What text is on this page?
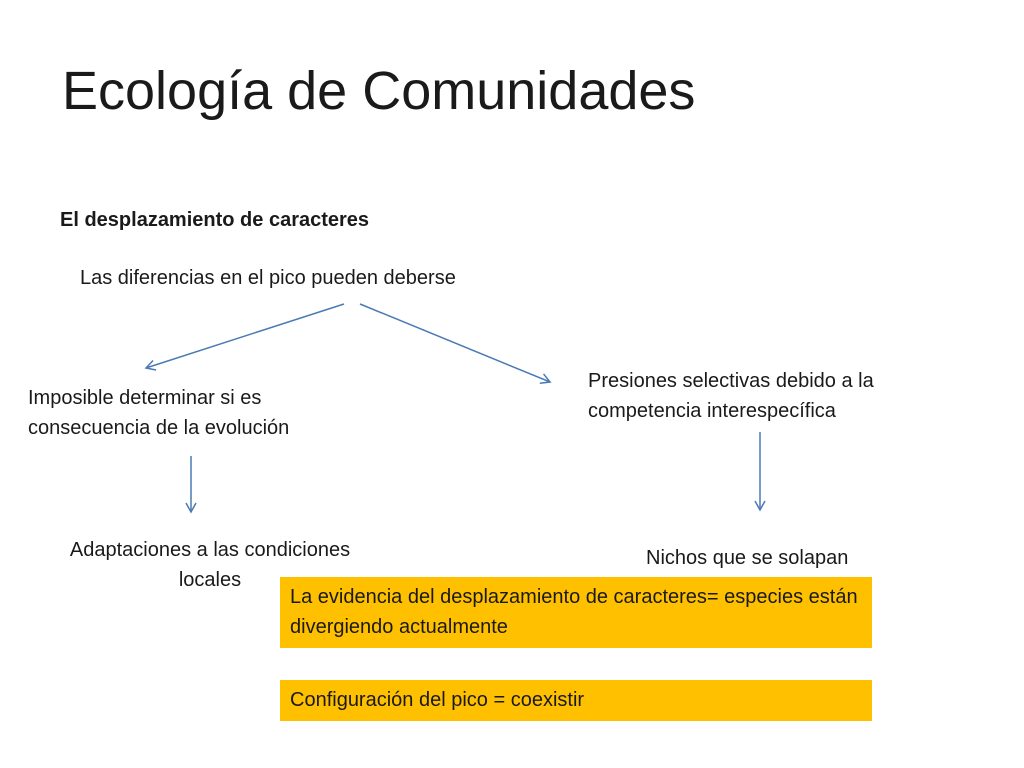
Ecología de Comunidades
El desplazamiento de caracteres
Las diferencias en el pico pueden deberse
Imposible determinar si es consecuencia de la evolución
Presiones selectivas debido a la competencia interespecífica
Adaptaciones a las condiciones locales
Nichos que se solapan
La evidencia del desplazamiento de caracteres= especies están divergiendo actualmente
Configuración del pico = coexistir
